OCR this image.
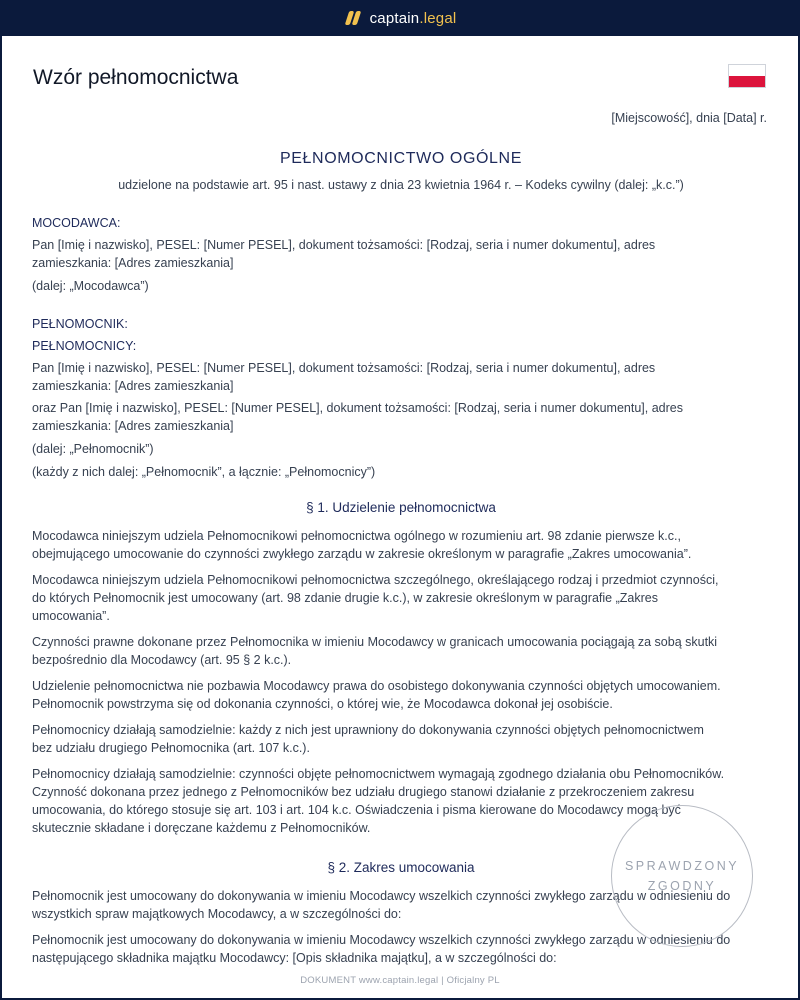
captain.legal
Wzór pełnomocnictwa
[Miejscowość], dnia [Data] r.
PEŁNOMOCNICTWO OGÓLNE
udzielone na podstawie art. 95 i nast. ustawy z dnia 23 kwietnia 1964 r. – Kodeks cywilny (dalej: „k.c.”)
MOCODAWCA:
Pan [Imię i nazwisko], PESEL: [Numer PESEL], dokument tożsamości: [Rodzaj, seria i numer dokumentu], adres
zamieszkania: [Adres zamieszkania]
(dalej: „Mocodawca”)
PEŁNOMOCNIK:
PEŁNOMOCNICY:
Pan [Imię i nazwisko], PESEL: [Numer PESEL], dokument tożsamości: [Rodzaj, seria i numer dokumentu], adres
zamieszkania: [Adres zamieszkania]
oraz Pan [Imię i nazwisko], PESEL: [Numer PESEL], dokument tożsamości: [Rodzaj, seria i numer dokumentu], adres
zamieszkania: [Adres zamieszkania]
(dalej: „Pełnomocnik”)
(każdy z nich dalej: „Pełnomocnik”, a łącznie: „Pełnomocnicy”)
§ 1. Udzielenie pełnomocnictwa
Mocodawca niniejszym udziela Pełnomocnikowi pełnomocnictwa ogólnego w rozumieniu art. 98 zdanie pierwsze k.c.,
obejmującego umocowanie do czynności zwykłego zarządu w zakresie określonym w paragrafie „Zakres umocowania”.
Mocodawca niniejszym udziela Pełnomocnikowi pełnomocnictwa szczególnego, określającego rodzaj i przedmiot czynności,
do których Pełnomocnik jest umocowany (art. 98 zdanie drugie k.c.), w zakresie określonym w paragrafie „Zakres
umocowania”.
Czynności prawne dokonane przez Pełnomocnika w imieniu Mocodawcy w granicach umocowania pociągają za sobą skutki
bezpośrednio dla Mocodawcy (art. 95 § 2 k.c.).
Udzielenie pełnomocnictwa nie pozbawia Mocodawcy prawa do osobistego dokonywania czynności objętych umocowaniem.
Pełnomocnik powstrzyma się od dokonania czynności, o której wie, że Mocodawca dokonał jej osobiście.
Pełnomocnicy działają samodzielnie: każdy z nich jest uprawniony do dokonywania czynności objętych pełnomocnictwem
bez udziału drugiego Pełnomocnika (art. 107 k.c.).
Pełnomocnicy działają samodzielnie: czynności objęte pełnomocnictwem wymagają zgodnego działania obu Pełnomocników.
Czynność dokonana przez jednego z Pełnomocników bez udziału drugiego stanowi działanie z przekroczeniem zakresu
umocowania, do którego stosuje się art. 103 i art. 104 k.c. Oświadczenia i pisma kierowane do Mocodawcy mogą być
skutecznie składane i doręczane każdemu z Pełnomocników.
§ 2. Zakres umocowania
Pełnomocnik jest umocowany do dokonywania w imieniu Mocodawcy wszelkich czynności zwykłego zarządu w odniesieniu do
wszystkich spraw majątkowych Mocodawcy, a w szczególności do:
Pełnomocnik jest umocowany do dokonywania w imieniu Mocodawcy wszelkich czynności zwykłego zarządu w odniesieniu do
następującego składnika majątku Mocodawcy: [Opis składnika majątku], a w szczególności do:
SPRAWDZONY
ZGODNY
DOKUMENT www.captain.legal | Oficjalny PL
